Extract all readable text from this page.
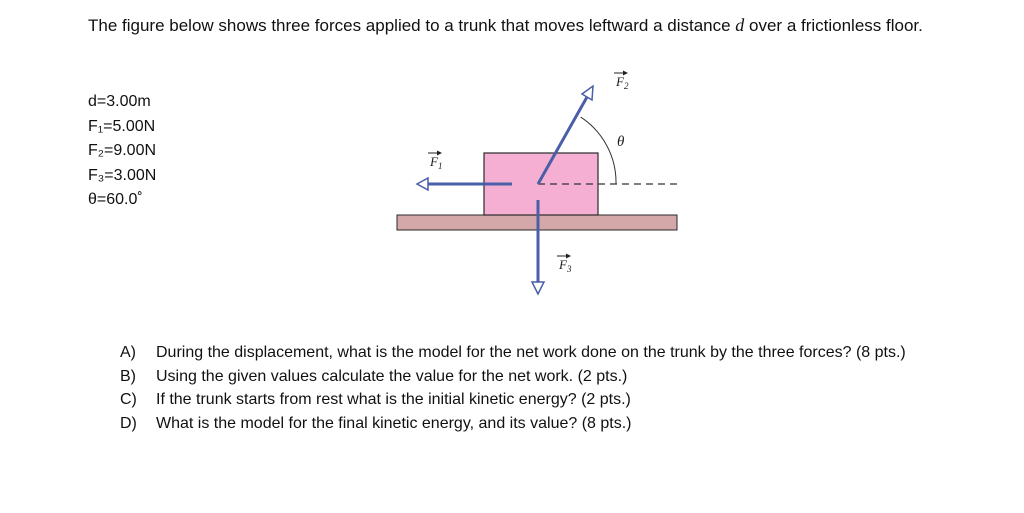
The figure below shows three forces applied to a trunk that moves leftward a distance d over a frictionless floor.
d=3.00m
F₁=5.00N
F₂=9.00N
F₃=3.00N
θ=60.0˚
θ
$F_1$
$F_2$
$F_3$
A)	During the displacement, what is the model for the net work done on the trunk by the three forces? (8 pts.)
B)	Using the given values calculate the value for the net work. (2 pts.)
C)	If the trunk starts from rest what is the initial kinetic energy? (2 pts.)
D)	What is the model for the final kinetic energy, and its value? (8 pts.)
